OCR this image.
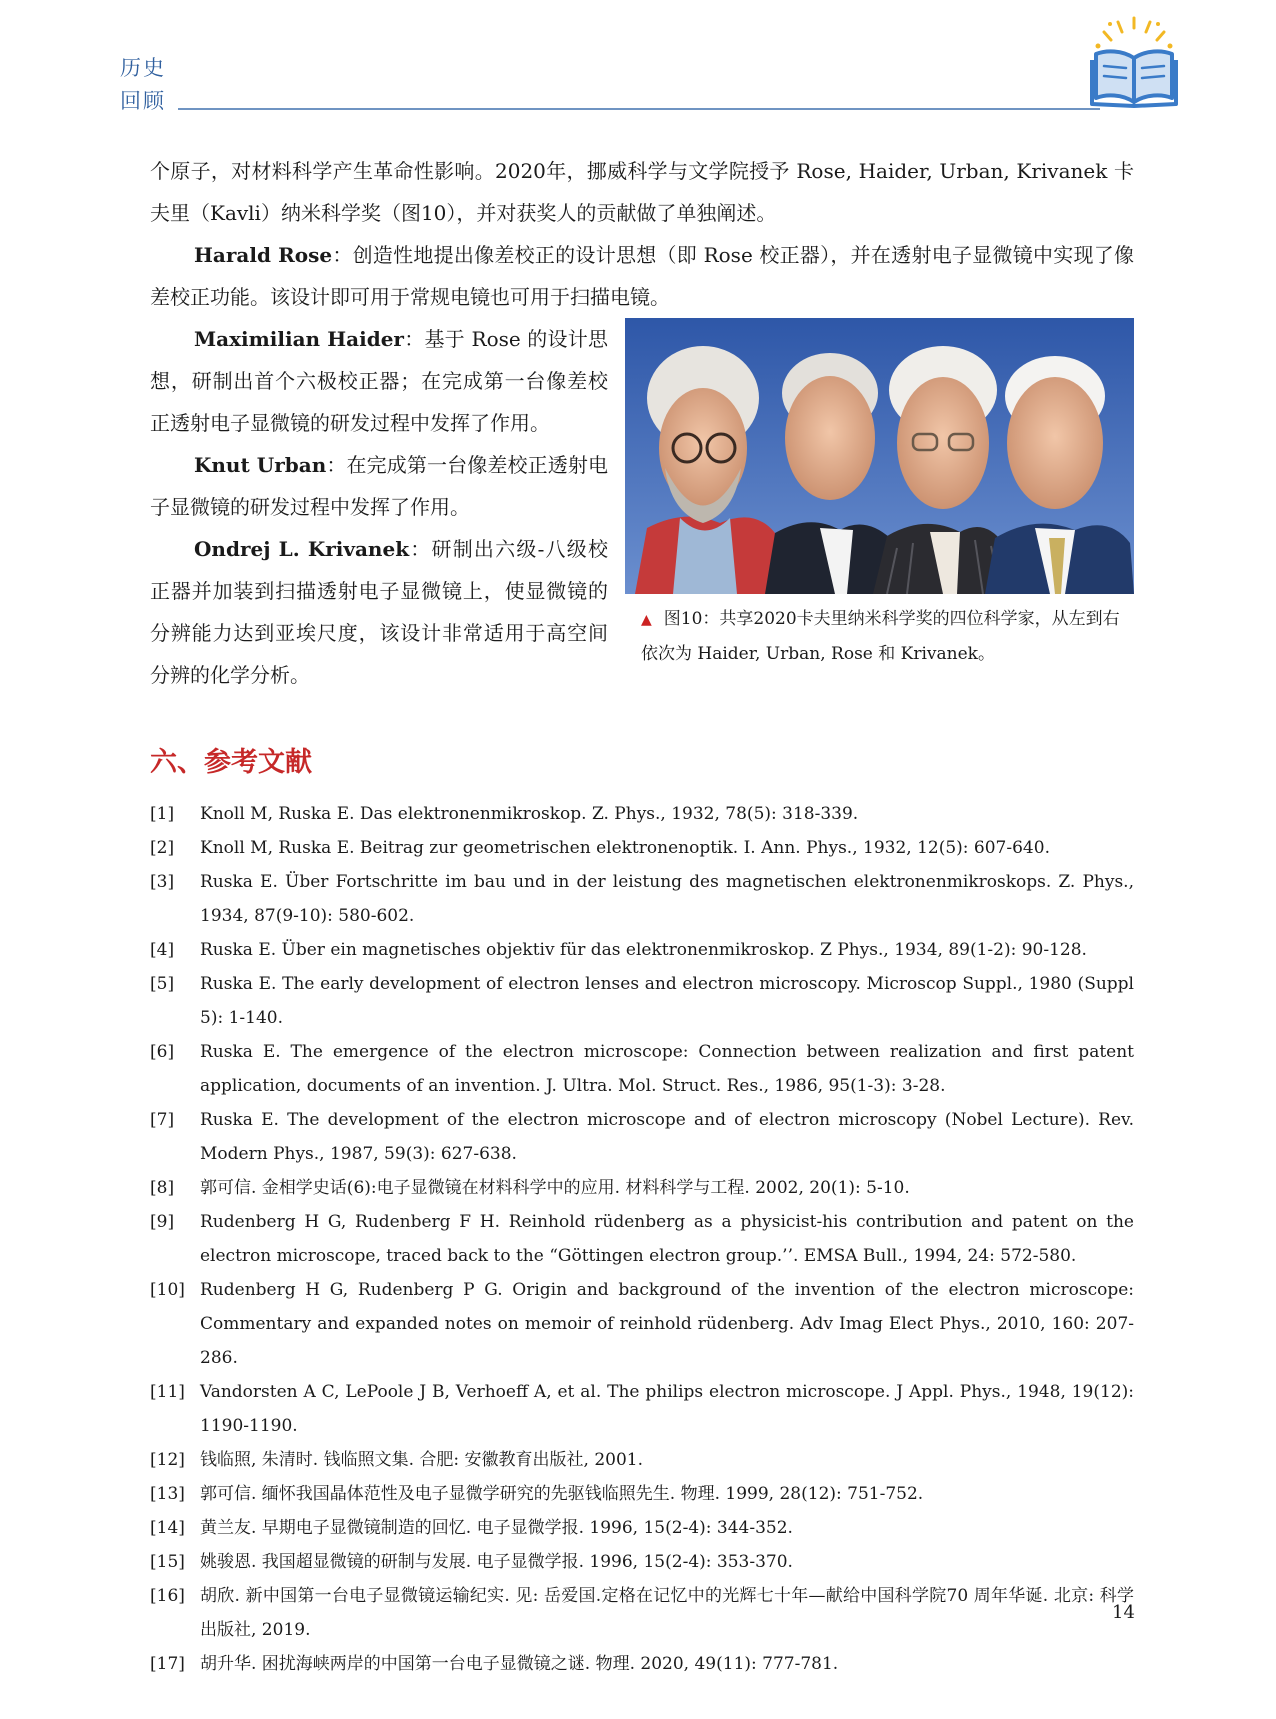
历史
回顾

个原子，对材料科学产生革命性影响。2020年，挪威科学与文学院授予 Rose, Haider, Urban, Krivanek 卡夫里（Kavli）纳米科学奖（图10），并对获奖人的贡献做了单独阐述。

Harald Rose：创造性地提出像差校正的设计思想（即 Rose 校正器），并在透射电子显微镜中实现了像差校正功能。该设计即可用于常规电镜也可用于扫描电镜。

Maximilian Haider：基于 Rose 的设计思想，研制出首个六极校正器；在完成第一台像差校正透射电子显微镜的研发过程中发挥了作用。

Knut Urban：在完成第一台像差校正透射电子显微镜的研发过程中发挥了作用。

Ondrej L. Krivanek：研制出六级-八级校正器并加装到扫描透射电子显微镜上，使显微镜的分辨能力达到亚埃尺度，该设计非常适用于高空间分辨的化学分析。

▲ 图10：共享2020卡夫里纳米科学奖的四位科学家，从左到右依次为 Haider, Urban, Rose 和 Krivanek。

六、参考文献
[1]	Knoll M, Ruska E. Das elektronenmikroskop. Z. Phys., 1932, 78(5): 318-339.
[2]	Knoll M, Ruska E. Beitrag zur geometrischen elektronenoptik. I. Ann. Phys., 1932, 12(5): 607-640.
[3]	Ruska E. Über Fortschritte im bau und in der leistung des magnetischen elektronenmikroskops. Z. Phys., 1934, 87(9-10): 580-602.
[4]	Ruska E. Über ein magnetisches objektiv für das elektronenmikroskop. Z Phys., 1934, 89(1-2): 90-128.
[5]	Ruska E. The early development of electron lenses and electron microscopy. Microscop Suppl., 1980 (Suppl 5): 1-140.
[6]	Ruska E. The emergence of the electron microscope: Connection between realization and first patent application, documents of an invention. J. Ultra. Mol. Struct. Res., 1986, 95(1-3): 3-28.
[7]	Ruska E. The development of the electron microscope and of electron microscopy (Nobel Lecture). Rev. Modern Phys., 1987, 59(3): 627-638.
[8]	郭可信. 金相学史话(6):电子显微镜在材料科学中的应用. 材料科学与工程. 2002, 20(1): 5-10.
[9]	Rudenberg H G, Rudenberg F H. Reinhold rüdenberg as a physicist-his contribution and patent on the electron microscope, traced back to the “Göttingen electron group.’’. EMSA Bull., 1994, 24: 572-580.
[10] Rudenberg H G, Rudenberg P G. Origin and background of the invention of the electron microscope: Commentary and expanded notes on memoir of reinhold rüdenberg. Adv Imag Elect Phys., 2010, 160: 207-286.
[11] Vandorsten A C, LePoole J B, Verhoeff A, et al. The philips electron microscope. J Appl. Phys., 1948, 19(12): 1190-1190.
[12] 钱临照, 朱清时. 钱临照文集. 合肥: 安徽教育出版社, 2001.
[13] 郭可信. 缅怀我国晶体范性及电子显微学研究的先驱钱临照先生. 物理. 1999, 28(12): 751-752.
[14] 黄兰友. 早期电子显微镜制造的回忆. 电子显微学报. 1996, 15(2-4): 344-352.
[15] 姚骏恩. 我国超显微镜的研制与发展. 电子显微学报. 1996, 15(2-4): 353-370.
[16] 胡欣. 新中国第一台电子显微镜运输纪实. 见: 岳爱国.定格在记忆中的光辉七十年—献给中国科学院70 周年华诞. 北京: 科学出版社, 2019.
[17] 胡升华. 困扰海峡两岸的中国第一台电子显微镜之谜. 物理. 2020, 49(11): 777-781.
14
